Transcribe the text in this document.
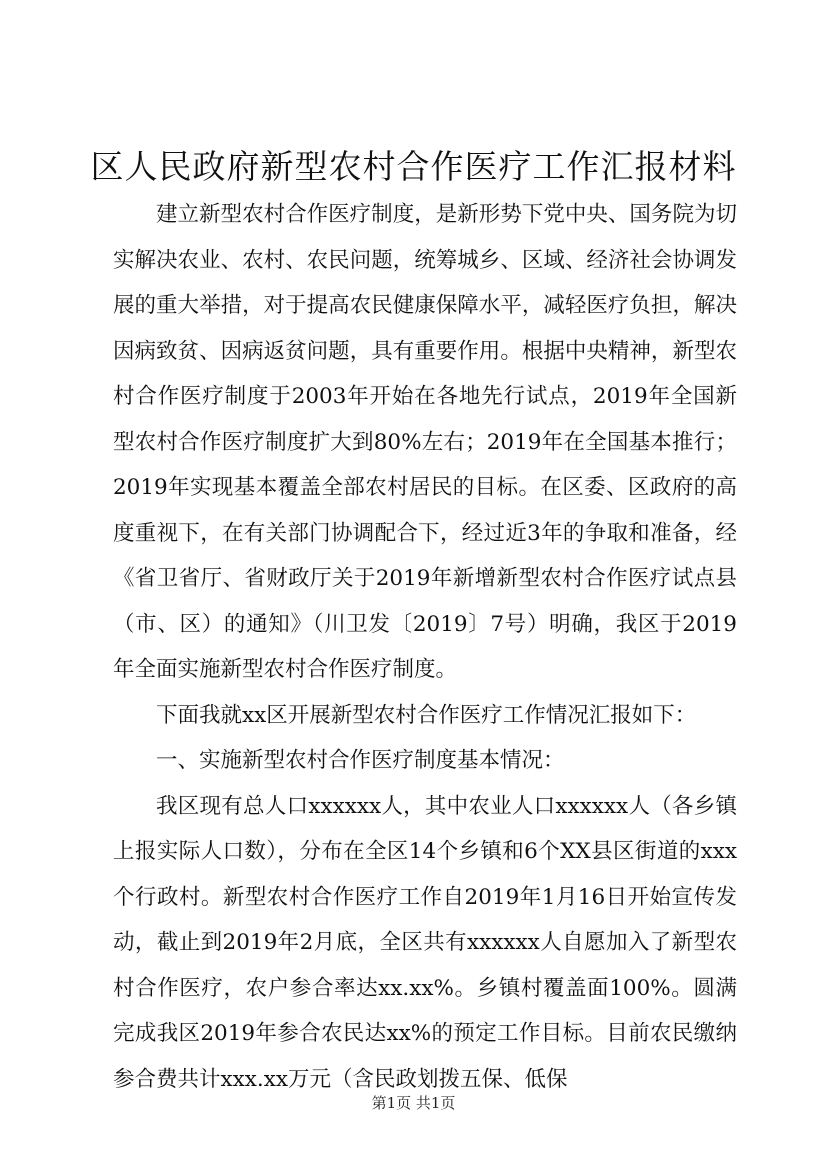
区人民政府新型农村合作医疗工作汇报材料

建立新型农村合作医疗制度，是新形势下党中央、国务院为切实解决农业、农村、农民问题，统筹城乡、区域、经济社会协调发展的重大举措，对于提高农民健康保障水平，减轻医疗负担，解决因病致贫、因病返贫问题，具有重要作用。根据中央精神，新型农村合作医疗制度于2003年开始在各地先行试点，2019年全国新型农村合作医疗制度扩大到80%左右；2019年在全国基本推行；2019年实现基本覆盖全部农村居民的目标。在区委、区政府的高度重视下，在有关部门协调配合下，经过近3年的争取和准备，经《省卫省厅、省财政厅关于2019年新增新型农村合作医疗试点县（市、区）的通知》（川卫发〔2019〕7号）明确，我区于2019年全面实施新型农村合作医疗制度。

下面我就xx区开展新型农村合作医疗工作情况汇报如下：

一、实施新型农村合作医疗制度基本情况：

我区现有总人口xxxxxx人，其中农业人口xxxxxx人（各乡镇上报实际人口数），分布在全区14个乡镇和6个XX县区街道的xxx个行政村。新型农村合作医疗工作自2019年1月16日开始宣传发动，截止到2019年2月底，全区共有xxxxxx人自愿加入了新型农村合作医疗，农户参合率达xx.xx%。乡镇村覆盖面100%。圆满完成我区2019年参合农民达xx%的预定工作目标。目前农民缴纳参合费共计xxx.xx万元（含民政划拨五保、低保

第1页 共1页
